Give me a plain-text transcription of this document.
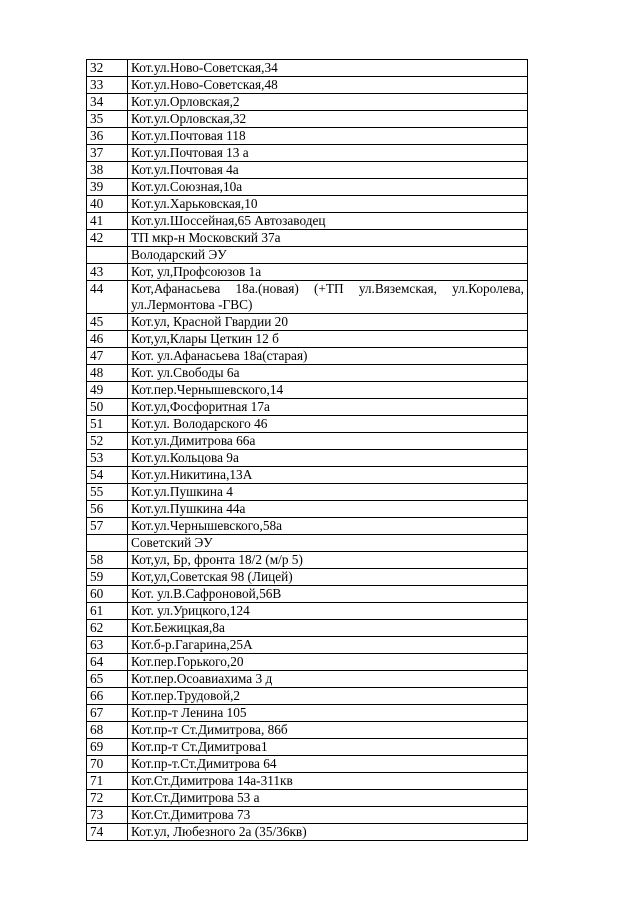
32	Кот.ул.Ново-Советская,34
33	Кот.ул.Ново-Советская,48
34	Кот.ул.Орловская,2
35	Кот.ул.Орловская,32
36	Кот.ул.Почтовая 118
37	Кот.ул.Почтовая 13 а
38	Кот.ул.Почтовая 4а
39	Кот.ул.Союзная,10а
40	Кот.ул.Харьковская,10
41	Кот.ул.Шоссейная,65 Автозаводец
42	ТП мкр-н Московский 37а
	Володарский ЭУ
43	Кот, ул,Профсоюзов 1а
44	Кот,Афанасьева 18а.(новая) (+ТП ул.Вяземская, ул.Королева, ул.Лермонтова -ГВС)
45	Кот.ул, Красной Гвардии 20
46	Кот,ул,Клары Цеткин 12 б
47	Кот. ул.Афанасьева 18а(старая)
48	Кот. ул.Свободы 6а
49	Кот.пер.Чернышевского,14
50	Кот.ул,Фосфоритная 17а
51	Кот.ул. Володарского 46
52	Кот.ул.Димитрова 66а
53	Кот.ул.Кольцова 9а
54	Кот.ул.Никитина,13А
55	Кот.ул.Пушкина 4
56	Кот.ул.Пушкина 44а
57	Кот.ул.Чернышевского,58а
	Советский ЭУ
58	Кот,ул, Бр, фронта 18/2 (м/р 5)
59	Кот,ул,Советская 98 (Лицей)
60	Кот. ул.В.Сафроновой,56В
61	Кот. ул.Урицкого,124
62	Кот.Бежицкая,8а
63	Кот.б-р.Гагарина,25А
64	Кот.пер.Горького,20
65	Кот.пер.Осоавиахима 3 д
66	Кот.пер.Трудовой,2
67	Кот.пр-т Ленина 105
68	Кот.пр-т Ст.Димитрова, 86б
69	Кот.пр-т Ст.Димитрова1
70	Кот.пр-т.Ст.Димитрова 64
71	Кот.Ст.Димитрова 14а-311кв
72	Кот.Ст.Димитрова 53 а
73	Кот.Ст.Димитрова 73
74	Кот.ул, Любезного 2а (35/36кв)
